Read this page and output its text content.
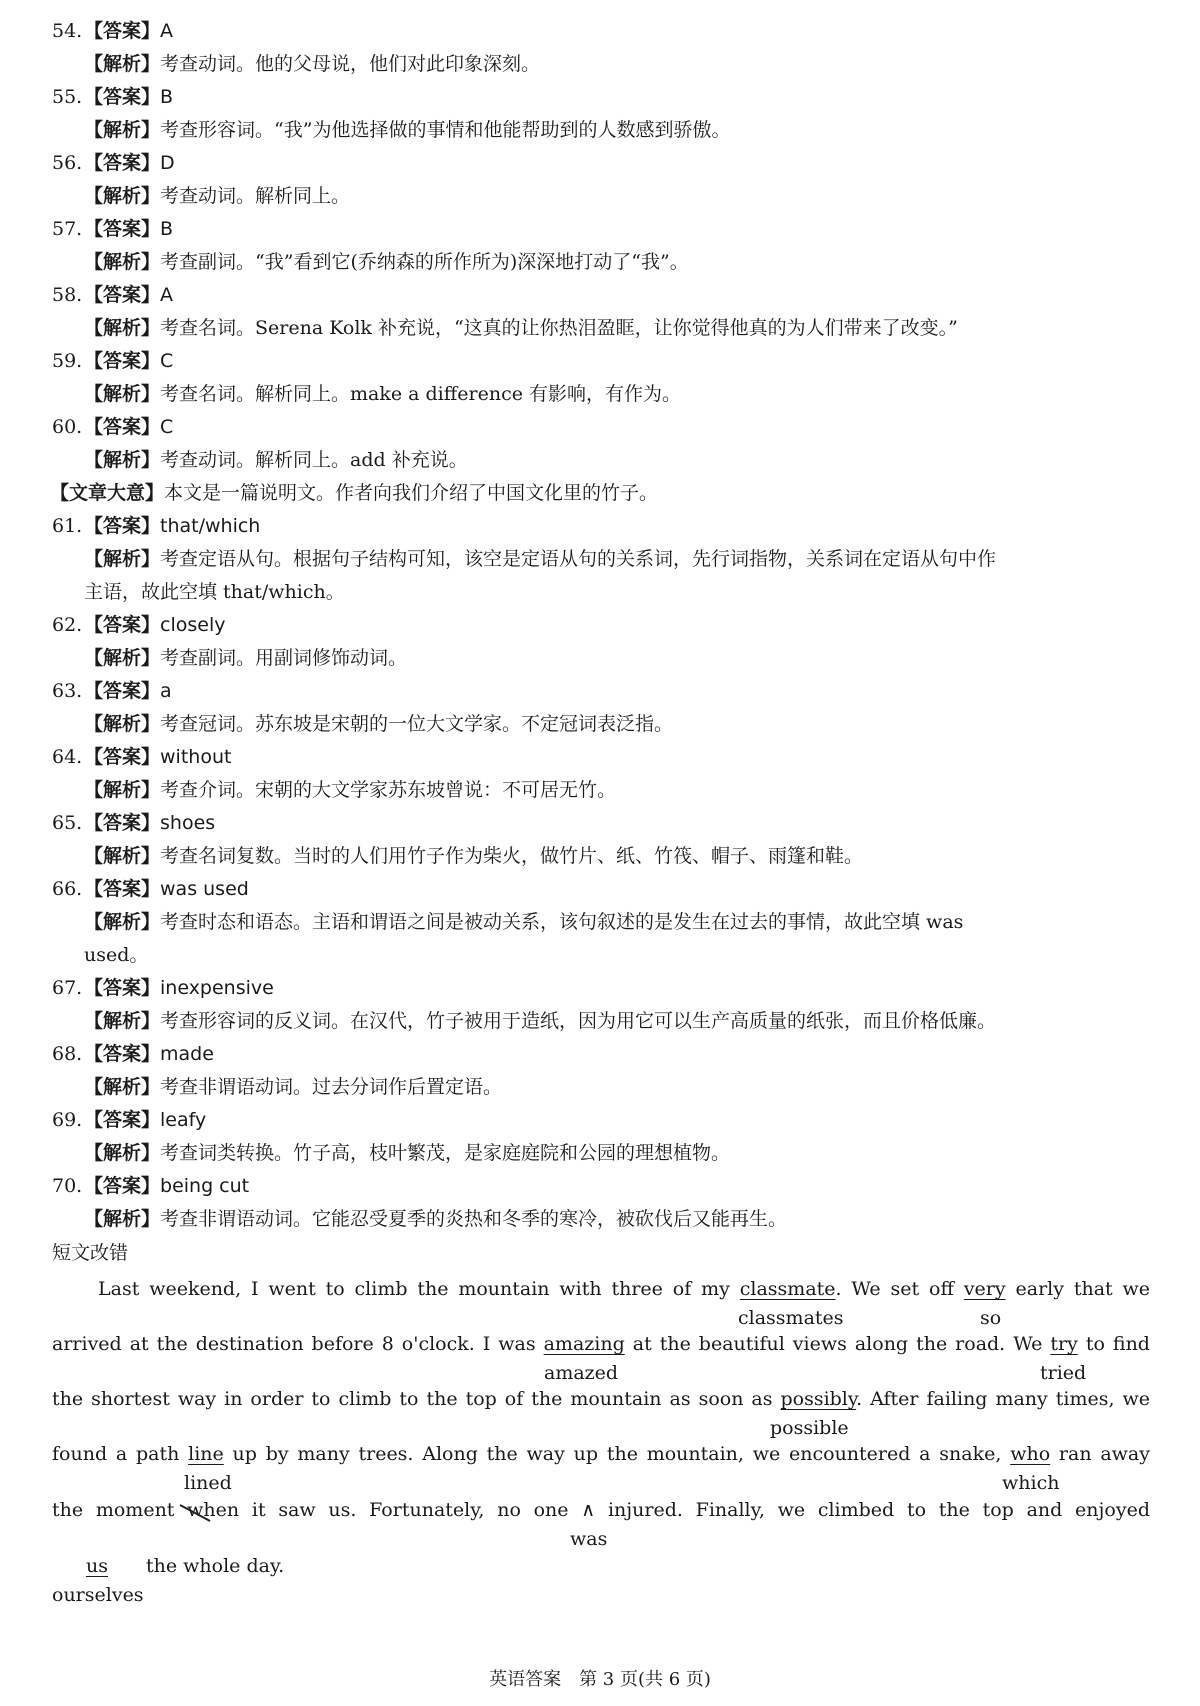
54. 【答案】A
【解析】考查动词。他的父母说，他们对此印象深刻。
55. 【答案】B
【解析】考查形容词。“我”为他选择做的事情和他能帮助到的人数感到骄傲。
56. 【答案】D
【解析】考查动词。解析同上。
57. 【答案】B
【解析】考查副词。“我”看到它(乔纳森的所作所为)深深地打动了“我”。
58. 【答案】A
【解析】考查名词。Serena Kolk 补充说，“这真的让你热泪盈眶，让你觉得他真的为人们带来了改变。”
59. 【答案】C
【解析】考查名词。解析同上。make a difference 有影响，有作为。
60. 【答案】C
【解析】考查动词。解析同上。add 补充说。
【文章大意】本文是一篇说明文。作者向我们介绍了中国文化里的竹子。
61. 【答案】that/which
【解析】考查定语从句。根据句子结构可知，该空是定语从句的关系词，先行词指物，关系词在定语从句中作
主语，故此空填 that/which。
62. 【答案】closely
【解析】考查副词。用副词修饰动词。
63. 【答案】a
【解析】考查冠词。苏东坡是宋朝的一位大文学家。不定冠词表泛指。
64. 【答案】without
【解析】考查介词。宋朝的大文学家苏东坡曾说：不可居无竹。
65. 【答案】shoes
【解析】考查名词复数。当时的人们用竹子作为柴火，做竹片、纸、竹筏、帽子、雨篷和鞋。
66. 【答案】was used
【解析】考查时态和语态。主语和谓语之间是被动关系，该句叙述的是发生在过去的事情，故此空填 was
used。
67. 【答案】inexpensive
【解析】考查形容词的反义词。在汉代，竹子被用于造纸，因为用它可以生产高质量的纸张，而且价格低廉。
68. 【答案】made
【解析】考查非谓语动词。过去分词作后置定语。
69. 【答案】leafy
【解析】考查词类转换。竹子高，枝叶繁茂，是家庭庭院和公园的理想植物。
70. 【答案】being cut
【解析】考查非谓语动词。它能忍受夏季的炎热和冬季的寒冷，被砍伐后又能再生。
短文改错
Last weekend, I went to climb the mountain with three of my classmate. We set off very early that we
classmates	so
arrived at the destination before 8 o'clock. I was amazing at the beautiful views along the road. We try to find
amazed	tried
the shortest way in order to climb to the top of the mountain as soon as possibly. After failing many times, we
possible
found a path line up by many trees. Along the way up the mountain, we encountered a snake, who ran away
lined	which
the moment when it saw us. Fortunately, no one ∧ injured. Finally, we climbed to the top and enjoyed
was
us the whole day.
ourselves
英语答案　第 3 页(共 6 页)
